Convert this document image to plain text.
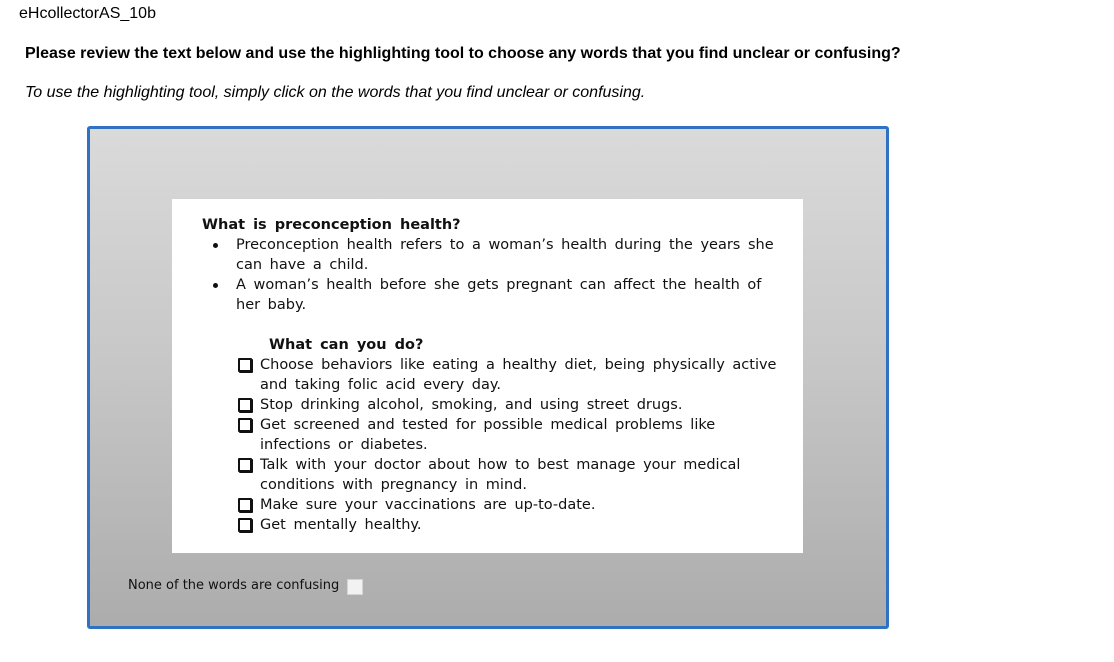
eHcollectorAS_10b
Please review the text below and use the highlighting tool to choose any words that you find unclear or confusing?
To use the highlighting tool, simply click on the words that you find unclear or confusing.
What is preconception health?
Preconception health refers to a woman’s health during the years she can have a child.
A woman’s health before she gets pregnant can affect the health of her baby.
What can you do?
Choose behaviors like eating a healthy diet, being physically active and taking folic acid every day.
Stop drinking alcohol, smoking, and using street drugs.
Get screened and tested for possible medical problems like infections or diabetes.
Talk with your doctor about how to best manage your medical conditions with pregnancy in mind.
Make sure your vaccinations are up-to-date.
Get mentally healthy.
None of the words are confusing
